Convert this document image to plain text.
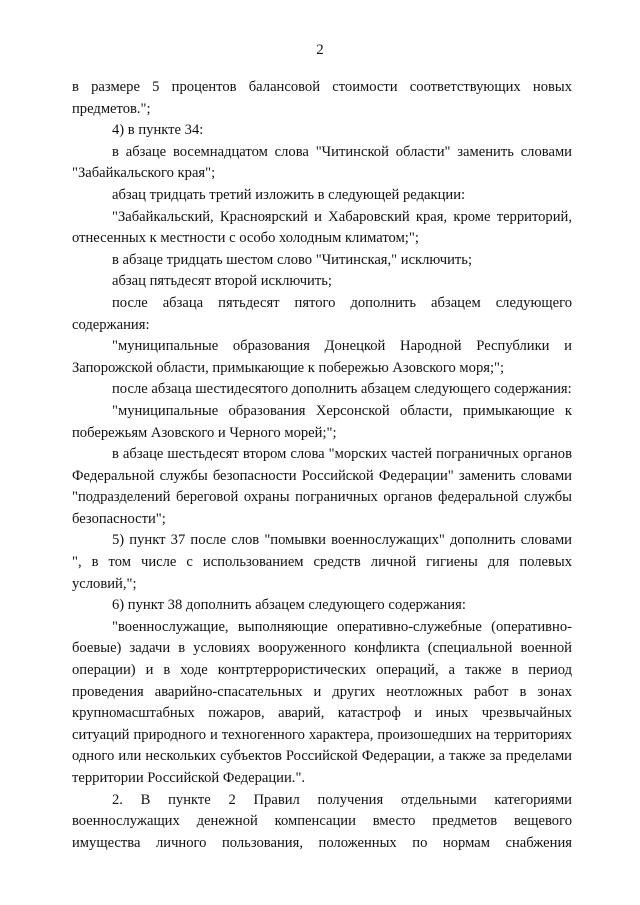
2

в размере 5 процентов балансовой стоимости соответствующих новых предметов.";

4) в пункте 34:

в абзаце восемнадцатом слова "Читинской области" заменить словами "Забайкальского края";

абзац тридцать третий изложить в следующей редакции:

"Забайкальский, Красноярский и Хабаровский края, кроме территорий, отнесенных к местности с особо холодным климатом;";

в абзаце тридцать шестом слово "Читинская," исключить;

абзац пятьдесят второй исключить;

после абзаца пятьдесят пятого дополнить абзацем следующего содержания:

"муниципальные образования Донецкой Народной Республики и Запорожской области, примыкающие к побережью Азовского моря;";

после абзаца шестидесятого дополнить абзацем следующего содержания:

"муниципальные образования Херсонской области, примыкающие к побережьям Азовского и Черного морей;";

в абзаце шестьдесят втором слова "морских частей пограничных органов Федеральной службы безопасности Российской Федерации" заменить словами "подразделений береговой охраны пограничных органов федеральной службы безопасности";

5) пункт 37 после слов "помывки военнослужащих" дополнить словами ", в том числе с использованием средств личной гигиены для полевых условий,";

6) пункт 38 дополнить абзацем следующего содержания:

"военнослужащие, выполняющие оперативно-служебные (оперативно-боевые) задачи в условиях вооруженного конфликта (специальной военной операции) и в ходе контртеррористических операций, а также в период проведения аварийно-спасательных и других неотложных работ в зонах крупномасштабных пожаров, аварий, катастроф и иных чрезвычайных ситуаций природного и техногенного характера, произошедших на территориях одного или нескольких субъектов Российской Федерации, а также за пределами территории Российской Федерации.".

2. В пункте 2 Правил получения отдельными категориями военнослужащих денежной компенсации вместо предметов вещевого имущества личного пользования, положенных по нормам снабжения
